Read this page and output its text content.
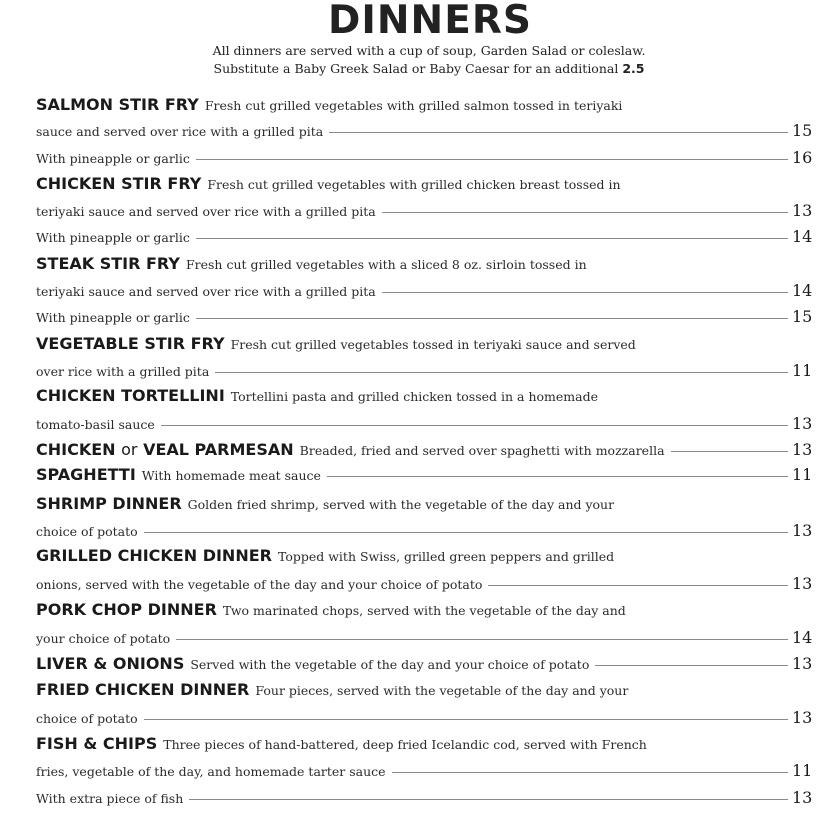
DINNERS
All dinners are served with a cup of soup, Garden Salad or coleslaw.
Substitute a Baby Greek Salad or Baby Caesar for an additional 2.5
SALMON STIR FRY Fresh cut grilled vegetables with grilled salmon tossed in teriyaki
sauce and served over rice with a grilled pita	15
With pineapple or garlic	16
CHICKEN STIR FRY Fresh cut grilled vegetables with grilled chicken breast tossed in
teriyaki sauce and served over rice with a grilled pita	13
With pineapple or garlic	14
STEAK STIR FRY Fresh cut grilled vegetables with a sliced 8 oz. sirloin tossed in
teriyaki sauce and served over rice with a grilled pita	14
With pineapple or garlic	15
VEGETABLE STIR FRY Fresh cut grilled vegetables tossed in teriyaki sauce and served
over rice with a grilled pita	11
CHICKEN TORTELLINI Tortellini pasta and grilled chicken tossed in a homemade
tomato-basil sauce	13
CHICKEN or VEAL PARMESAN Breaded, fried and served over spaghetti with mozzarella	13
SPAGHETTI With homemade meat sauce	11
SHRIMP DINNER Golden fried shrimp, served with the vegetable of the day and your
choice of potato	13
GRILLED CHICKEN DINNER Topped with Swiss, grilled green peppers and grilled
onions, served with the vegetable of the day and your choice of potato	13
PORK CHOP DINNER Two marinated chops, served with the vegetable of the day and
your choice of potato	14
LIVER & ONIONS Served with the vegetable of the day and your choice of potato	13
FRIED CHICKEN DINNER Four pieces, served with the vegetable of the day and your
choice of potato	13
FISH & CHIPS Three pieces of hand-battered, deep fried Icelandic cod, served with French
fries, vegetable of the day, and homemade tarter sauce	11
With extra piece of fish	13
